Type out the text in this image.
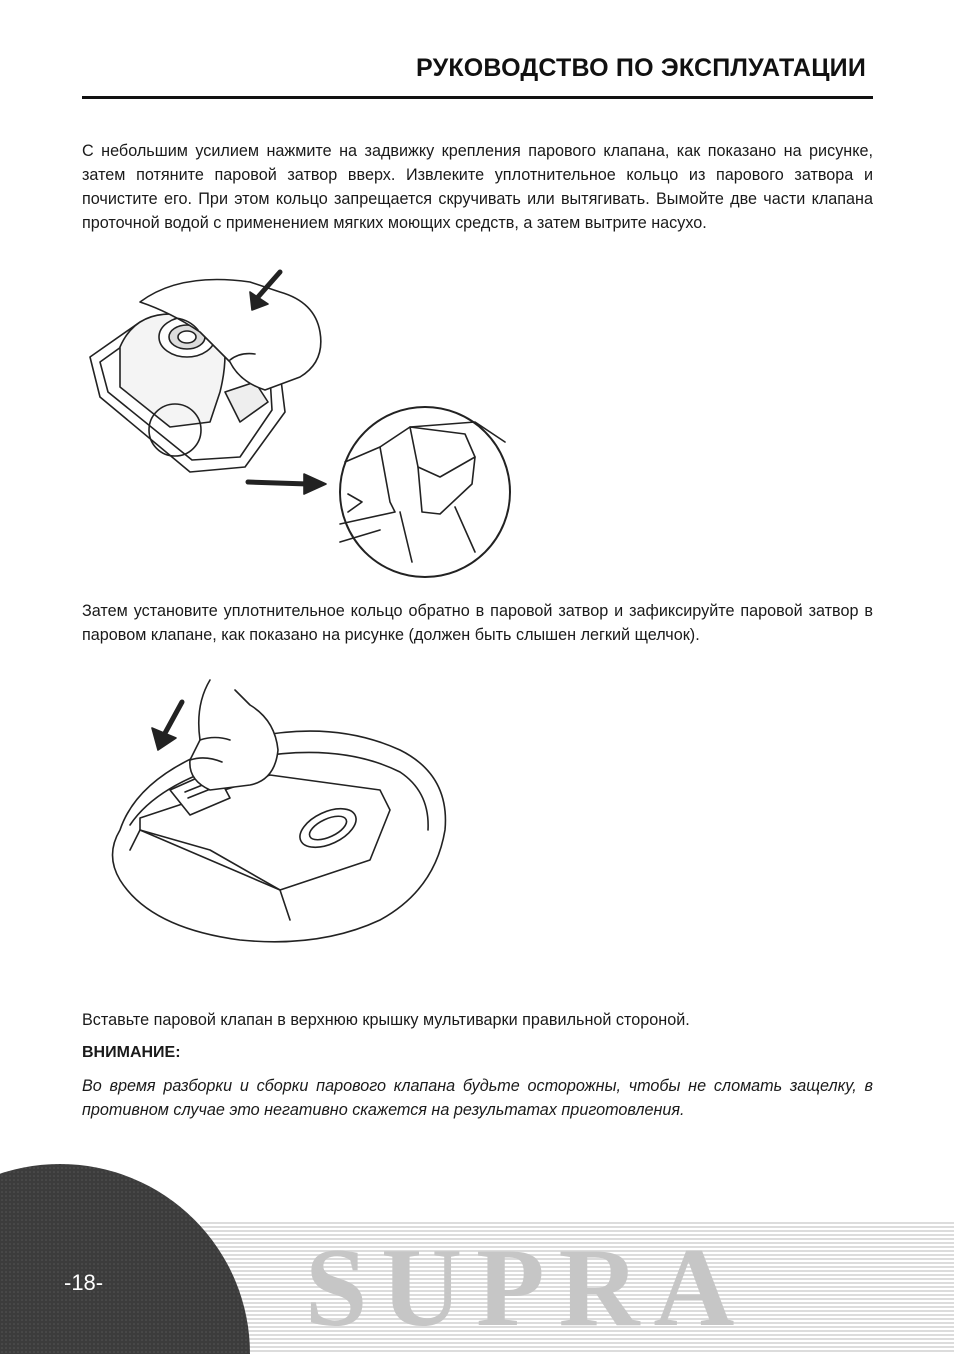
РУКОВОДСТВО ПО ЭКСПЛУАТАЦИИ

С небольшим усилием нажмите на задвижку крепления парового клапана, как показано на рисунке, затем потяните паровой затвор вверх. Извлеките уплотнительное кольцо из парового затвора и почистите его. При этом кольцо запрещается скручивать или вытягивать. Вымойте две части клапана проточной водой с применением мягких моющих средств, а затем вытрите насухо.

Затем установите уплотнительное кольцо обратно в паровой затвор и зафиксируйте паровой затвор в паровом клапане, как показано на рисунке (должен быть слышен легкий щелчок).

Вставьте паровой клапан в верхнюю крышку мультиварки правильной стороной.

ВНИМАНИЕ:

Во время разборки и сборки парового клапана будьте осторожны, чтобы не сломать защелку, в противном случае это негативно скажется на результатах приготовления.

SUPRA
-18-
